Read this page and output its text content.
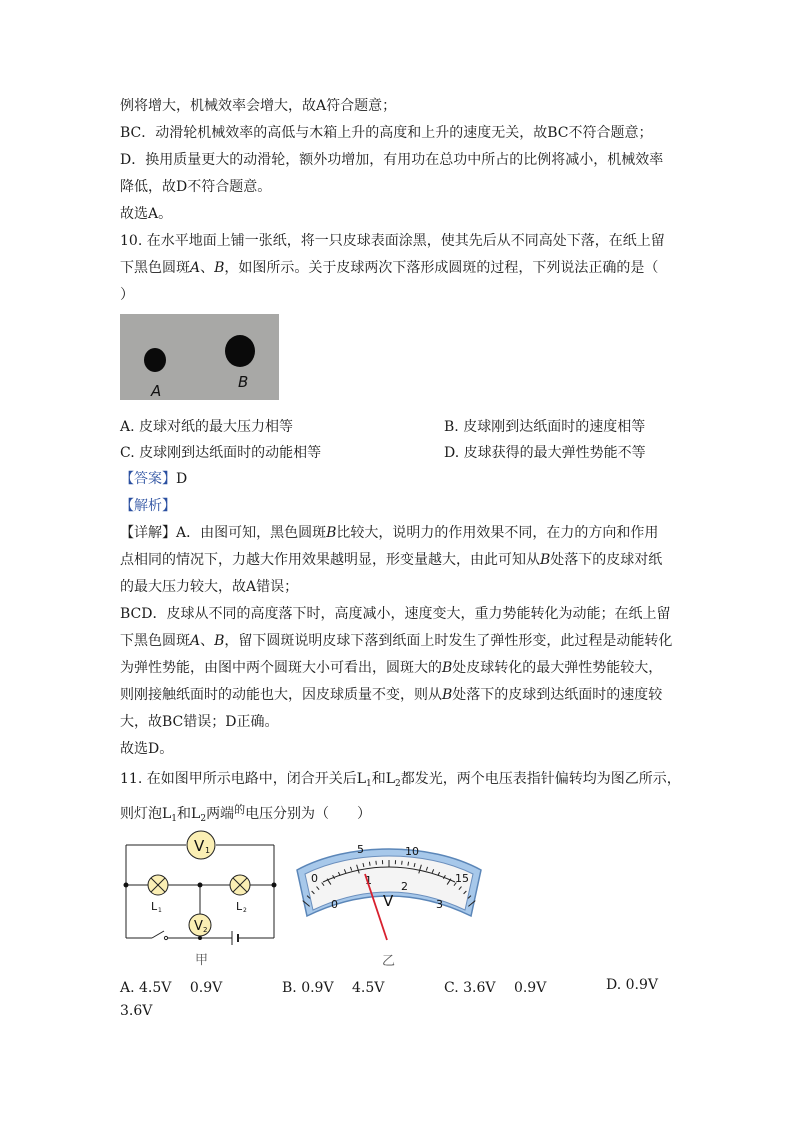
例将增大，机械效率会增大，故A符合题意；
BC．动滑轮机械效率的高低与木箱上升的高度和上升的速度无关，故BC不符合题意；
D．换用质量更大的动滑轮，额外功增加，有用功在总功中所占的比例将减小，机械效率
降低，故D不符合题意。
故选A。
10. 在水平地面上铺一张纸，将一只皮球表面涂黑，使其先后从不同高处下落，在纸上留
下黑色圆斑A、B，如图所示。关于皮球两次下落形成圆斑的过程，下列说法正确的是（
）
A	B
A. 皮球对纸的最大压力相等	B. 皮球刚到达纸面时的速度相等
C. 皮球刚到达纸面时的动能相等	D. 皮球获得的最大弹性势能不等
【答案】D
【解析】
【详解】A．由图可知，黑色圆斑B比较大，说明力的作用效果不同，在力的方向和作用
点相同的情况下，力越大作用效果越明显，形变量越大，由此可知从B处落下的皮球对纸
的最大压力较大，故A错误；
BCD．皮球从不同的高度落下时，高度减小，速度变大，重力势能转化为动能；在纸上留
下黑色圆斑A、B，留下圆斑说明皮球下落到纸面上时发生了弹性形变，此过程是动能转化
为弹性势能，由图中两个圆斑大小可看出，圆斑大的B处皮球转化的最大弹性势能较大，
则刚接触纸面时的动能也大，因皮球质量不变，则从B处落下的皮球到达纸面时的速度较
大，故BC错误；D正确。
故选D。
11. 在如图甲所示电路中，闭合开关后$L_1$和$L_2$都发光，两个电压表指针偏转均为图乙所示，
则灯泡$L_1$和$L_2$两端$^的$电压分别为（　　）
V 1
L 1	L 2
V 2
甲
0
5	10
15
0
1	2
3
V
乙
A. 4.5V　 0.9V	B. 0.9V　 4.5V	C. 3.6V　 0.9V	D. 0.9V
3.6V
